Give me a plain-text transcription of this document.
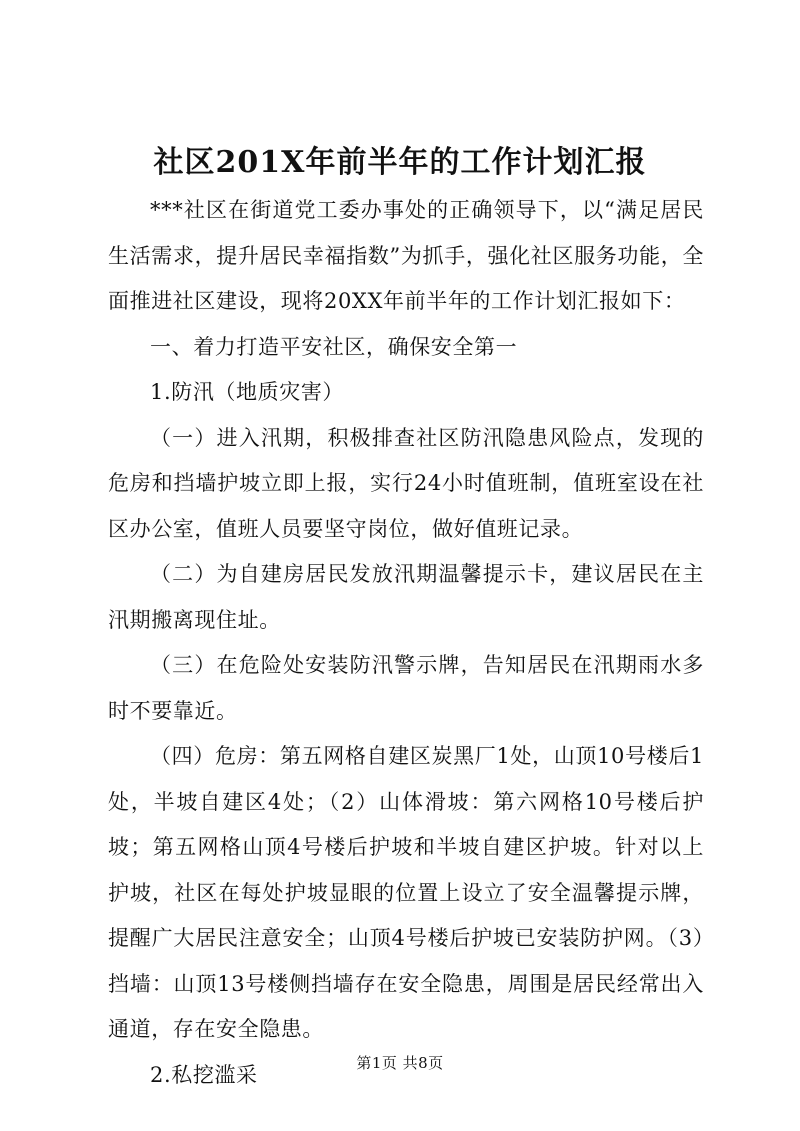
社区201X年前半年的工作计划汇报

***社区在街道党工委办事处的正确领导下，以“满足居民生活需求，提升居民幸福指数”为抓手，强化社区服务功能，全面推进社区建设，现将20XX年前半年的工作计划汇报如下：

一、着力打造平安社区，确保安全第一

1.防汛（地质灾害）

（一）进入汛期，积极排查社区防汛隐患风险点，发现的危房和挡墙护坡立即上报，实行24小时值班制，值班室设在社区办公室，值班人员要坚守岗位，做好值班记录。

（二）为自建房居民发放汛期温馨提示卡，建议居民在主汛期搬离现住址。

（三）在危险处安装防汛警示牌，告知居民在汛期雨水多时不要靠近。

（四）危房：第五网格自建区炭黑厂1处，山顶10号楼后1处，半坡自建区4处；（2）山体滑坡：第六网格10号楼后护坡；第五网格山顶4号楼后护坡和半坡自建区护坡。针对以上护坡，社区在每处护坡显眼的位置上设立了安全温馨提示牌，提醒广大居民注意安全；山顶4号楼后护坡已安装防护网。（3）挡墙：山顶13号楼侧挡墙存在安全隐患，周围是居民经常出入通道，存在安全隐患。

2.私挖滥采	第1页 共8页
